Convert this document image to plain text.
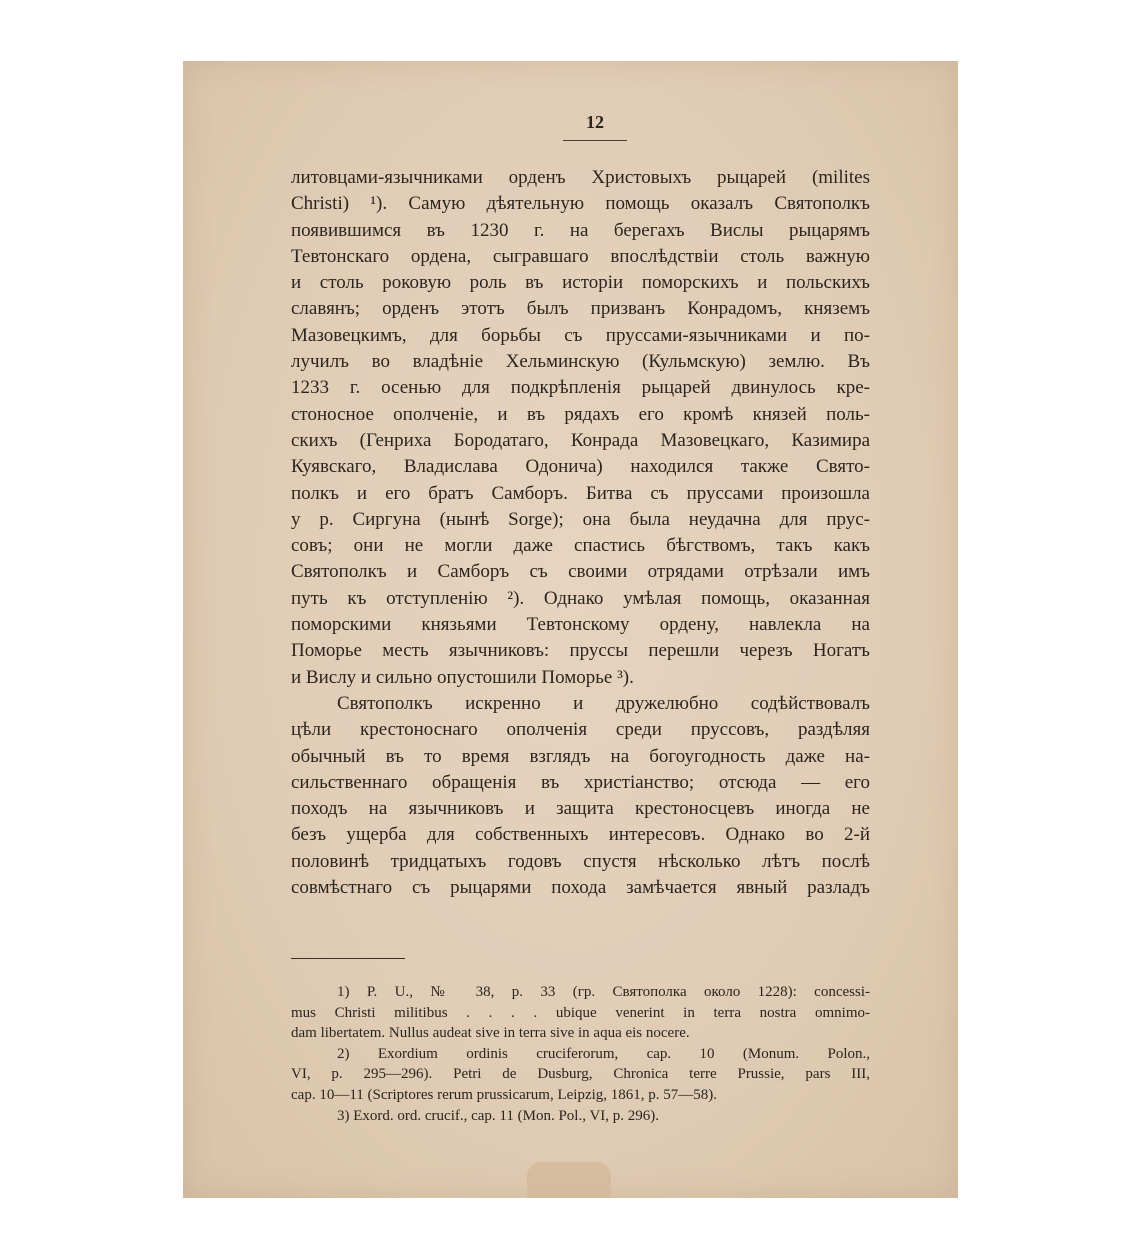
12
литовцами-язычниками орденъ Христовыхъ рыцарей (milites
Christi) ¹). Самую дѣятельную помощь оказалъ Святополкъ
появившимся въ 1230 г. на берегахъ Вислы рыцарямъ
Тевтонскаго ордена, сыгравшаго впослѣдствіи столь важную
и столь роковую роль въ исторіи поморскихъ и польскихъ
славянъ; орденъ этотъ былъ призванъ Конрадомъ, княземъ
Мазовецкимъ, для борьбы съ пруссами-язычниками и по-
лучилъ во владѣніе Хельминскую (Кульмскую) землю. Въ
1233 г. осенью для подкрѣпленія рыцарей двинулось кре-
стоносное ополченіе, и въ рядахъ его кромѣ князей поль-
скихъ (Генриха Бородатаго, Конрада Мазовецкаго, Казимира
Куявскаго, Владислава Одонича) находился также Свято-
полкъ и его братъ Самборъ. Битва съ пруссами произошла
у р. Сиргуна (нынѣ Sorge); она была неудачна для прус-
совъ; они не могли даже спастись бѣгствомъ, такъ какъ
Святополкъ и Самборъ съ своими отрядами отрѣзали имъ
путь къ отступленію ²). Однако умѣлая помощь, оказанная
поморскими князьями Тевтонскому ордену, навлекла на
Поморье месть язычниковъ: пруссы перешли черезъ Ногатъ
и Вислу и сильно опустошили Поморье ³).
Святополкъ искренно и дружелюбно содѣйствовалъ
цѣли крестоноснаго ополченія среди пруссовъ, раздѣляя
обычный въ то время взглядъ на богоугодность даже на-
сильственнаго обращенія въ христіанство; отсюда — его
походъ на язычниковъ и защита крестоносцевъ иногда не
безъ ущерба для собственныхъ интересовъ. Однако во 2-й
половинѣ тридцатыхъ годовъ спустя нѣсколько лѣтъ послѣ
совмѣстнаго съ рыцарями похода замѣчается явный разладъ
1) P. U., № 38, p. 33 (гр. Святополка около 1228): concessi-
mus Christi militibus . . . . ubique venerint in terra nostra omnimo-
dam libertatem. Nullus audeat sive in terra sive in aqua eis nocere.
2) Exordium ordinis cruciferorum, cap. 10 (Monum. Polon.,
VI, p. 295—296). Petri de Dusburg, Chronica terre Prussie, pars III,
cap. 10—11 (Scriptores rerum prussicarum, Leipzig, 1861, p. 57—58).
3) Exord. ord. crucif., cap. 11 (Mon. Pol., VI, p. 296).
